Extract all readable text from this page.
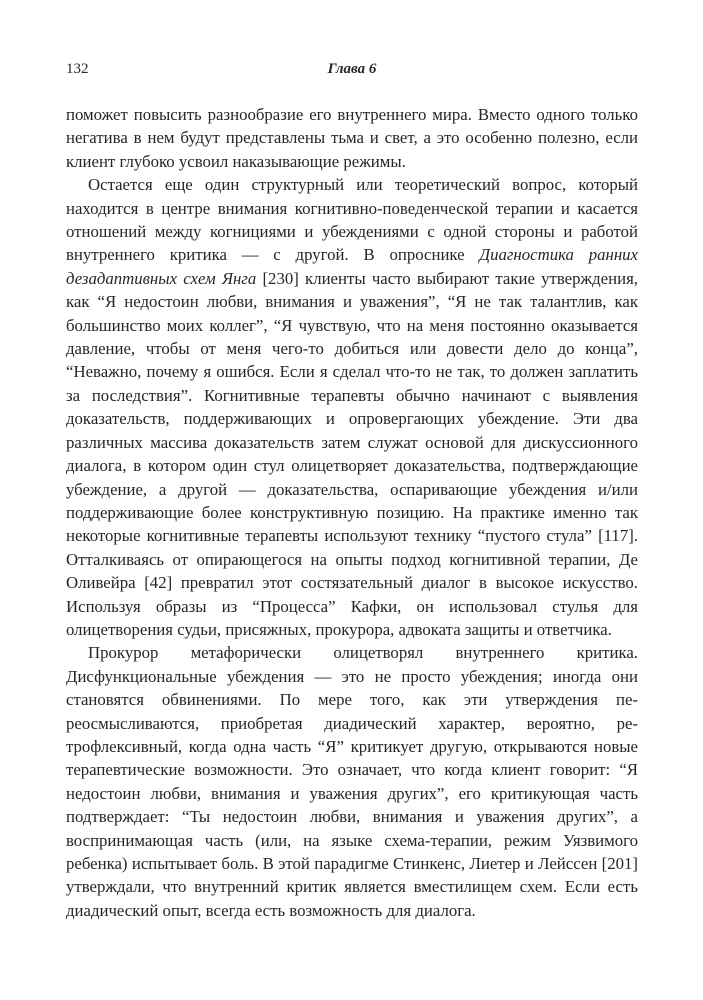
132	Глава 6

поможет повысить разнообразие его внутреннего мира. Вместо одного только негатива в нем будут представлены тьма и свет, а это особенно полезно, если клиент глубоко усвоил наказывающие режимы.

Остается еще один структурный или теоретический вопрос, который находится в центре внимания когнитивно-поведенческой терапии и касается отношений между когнициями и убеждениями с одной стороны и работой внутреннего критика — с другой. В опроснике Диагностика ранних дезадаптивных схем Янга [230] клиенты часто выбирают такие утверждения, как “Я недостоин любви, внимания и уважения”, “Я не так талантлив, как большинство моих коллег”, “Я чувствую, что на меня постоянно оказывается давление, чтобы от меня чего-то добиться или довести дело до конца”, “Неважно, почему я ошибся. Если я сделал что-то не так, то должен заплатить за последствия”. Когнитивные терапевты обычно начинают с выявления доказательств, поддерживающих и опровергающих убеждение. Эти два различных массива доказательств затем служат основой для дискуссионного диалога, в котором один стул олицетворяет доказательства, подтверждающие убеждение, а другой — доказательства, оспаривающие убеждения и/или поддерживающие более конструктивную позицию. На практике именно так некоторые когнитивные терапевты используют технику “пустого стула” [117]. Отталкиваясь от опирающегося на опыты подход когнитивной терапии, Де Оливейра [42] превратил этот состязательный диалог в высокое искусство. Используя образы из “Процесса” Кафки, он использовал стулья для олицетворения судьи, присяжных, прокурора, адвоката защиты и ответчика.

Прокурор метафорически олицетворял внутреннего критика. Дисфункциональные убеждения — это не просто убеждения; иногда они становятся обвинениями. По мере того, как эти утверждения переосмысливаются, приобретая диадический характер, вероятно, ретрофлексивный, когда одна часть “Я” критикует другую, открываются новые терапевтические возможности. Это означает, что когда клиент говорит: “Я недостоин любви, внимания и уважения других”, его критикующая часть подтверждает: “Ты недостоин любви, внимания и уважения других”, а воспринимающая часть (или, на языке схема-терапии, режим Уязвимого ребенка) испытывает боль. В этой парадигме Стинкенс, Лиетер и Лейссен [201] утверждали, что внутренний критик является вместилищем схем. Если есть диадический опыт, всегда есть возможность для диалога.
